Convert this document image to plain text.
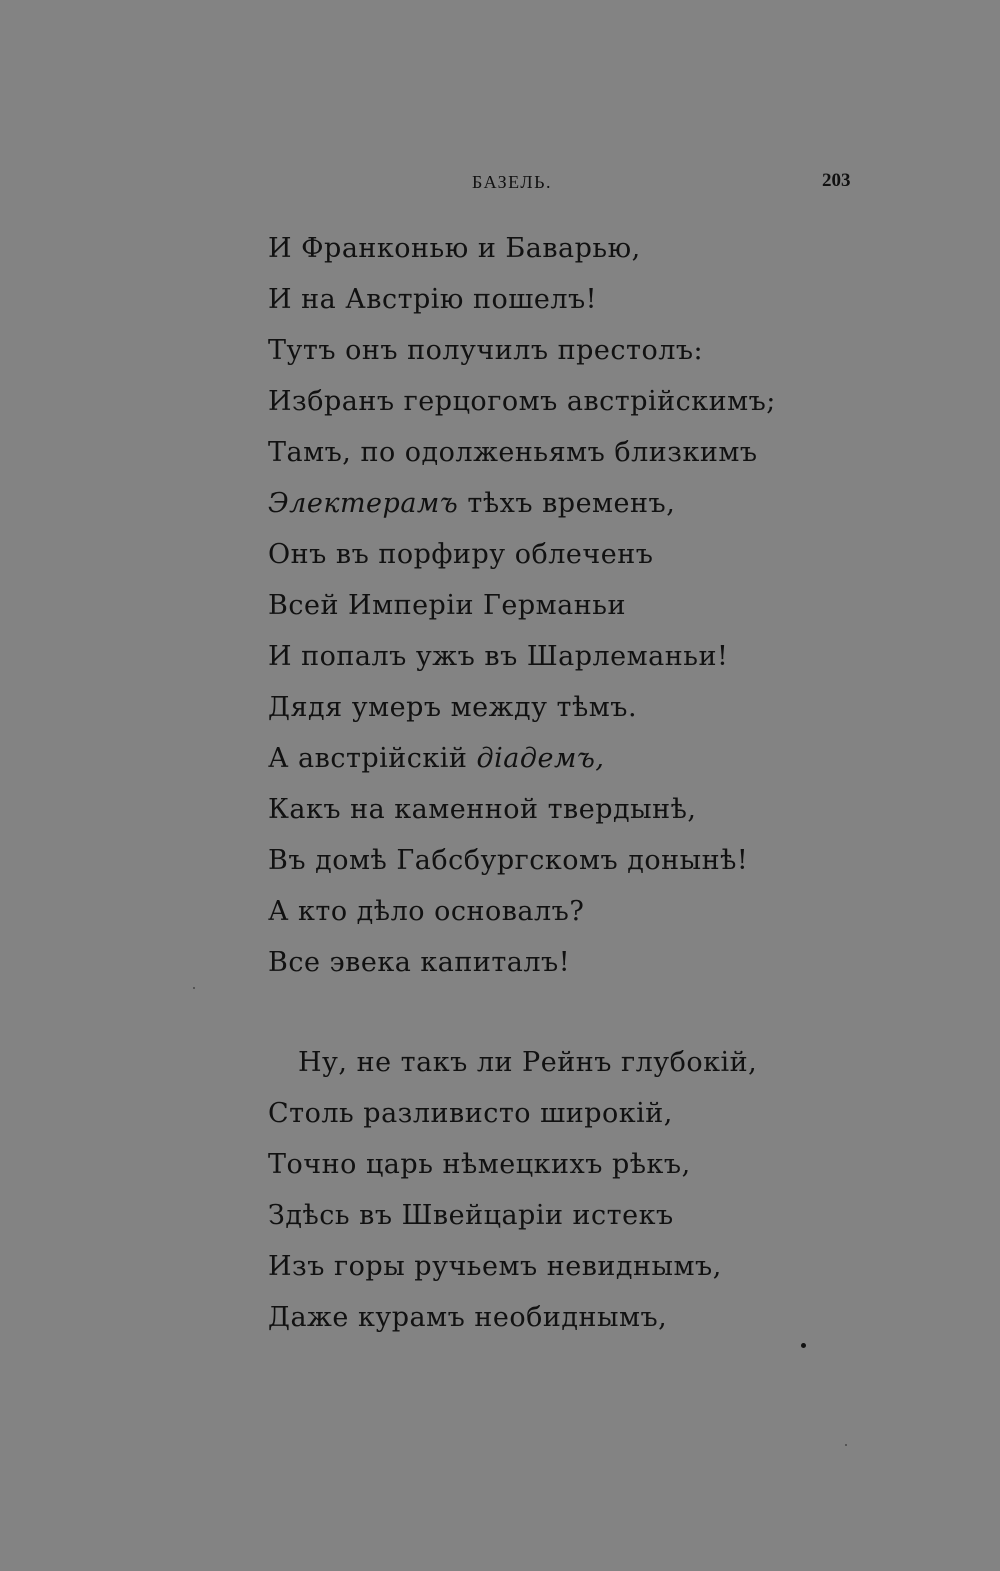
БАЗЕЛЬ.	203
И Франконью и Баварью,
И на Австрію пошелъ!
Тутъ онъ получилъ престолъ:
Избранъ герцогомъ австрійскимъ;
Тамъ, по одолженьямъ близкимъ
Электерамъ тѣхъ временъ,
Онъ въ порфиру облеченъ
Всей Имперіи Германьи
И попалъ ужъ въ Шарлеманьи!
Дядя умеръ между тѣмъ.
А австрійскій діадемъ,
Какъ на каменной твердынѣ,
Въ домѣ Габсбургскомъ донынѣ!
А кто дѣло основалъ?
Все эвека капиталъ!
Ну, не такъ ли Рейнъ глубокій,
Столь разливисто широкій,
Точно царь нѣмецкихъ рѣкъ,
Здѣсь въ Швейцаріи истекъ
Изъ горы ручьемъ невиднымъ,
Даже курамъ необиднымъ,
